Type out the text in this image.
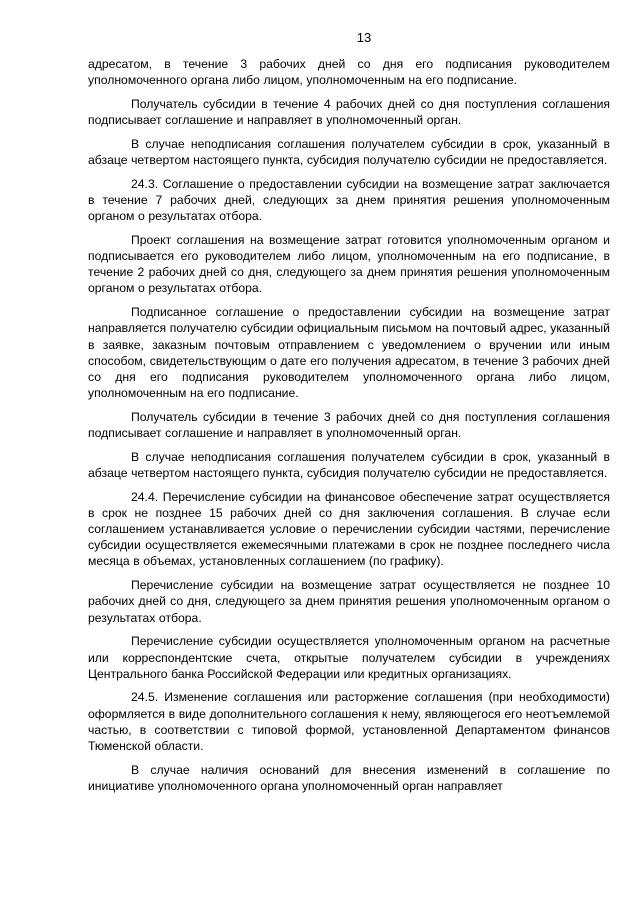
13

адресатом, в течение 3 рабочих дней со дня его подписания руководителем уполномоченного органа либо лицом, уполномоченным на его подписание.

Получатель субсидии в течение 4 рабочих дней со дня поступления соглашения подписывает соглашение и направляет в уполномоченный орган.

В случае неподписания соглашения получателем субсидии в срок, указанный в абзаце четвертом настоящего пункта, субсидия получателю субсидии не предоставляется.

24.3. Соглашение о предоставлении субсидии на возмещение затрат заключается в течение 7 рабочих дней, следующих за днем принятия решения уполномоченным органом о результатах отбора.

Проект соглашения на возмещение затрат готовится уполномоченным органом и подписывается его руководителем либо лицом, уполномоченным на его подписание, в течение 2 рабочих дней со дня, следующего за днем принятия решения уполномоченным органом о результатах отбора.

Подписанное соглашение о предоставлении субсидии на возмещение затрат направляется получателю субсидии официальным письмом на почтовый адрес, указанный в заявке, заказным почтовым отправлением с уведомлением о вручении или иным способом, свидетельствующим о дате его получения адресатом, в течение 3 рабочих дней со дня его подписания руководителем уполномоченного органа либо лицом, уполномоченным на его подписание.

Получатель субсидии в течение 3 рабочих дней со дня поступления соглашения подписывает соглашение и направляет в уполномоченный орган.

В случае неподписания соглашения получателем субсидии в срок, указанный в абзаце четвертом настоящего пункта, субсидия получателю субсидии не предоставляется.

24.4. Перечисление субсидии на финансовое обеспечение затрат осуществляется в срок не позднее 15 рабочих дней со дня заключения соглашения. В случае если соглашением устанавливается условие о перечислении субсидии частями, перечисление субсидии осуществляется ежемесячными платежами в срок не позднее последнего числа месяца в объемах, установленных соглашением (по графику).

Перечисление субсидии на возмещение затрат осуществляется не позднее 10 рабочих дней со дня, следующего за днем принятия решения уполномоченным органом о результатах отбора.

Перечисление субсидии осуществляется уполномоченным органом на расчетные или корреспондентские счета, открытые получателем субсидии в учреждениях Центрального банка Российской Федерации или кредитных организациях.

24.5. Изменение соглашения или расторжение соглашения (при необходимости) оформляется в виде дополнительного соглашения к нему, являющегося его неотъемлемой частью, в соответствии с типовой формой, установленной Департаментом финансов Тюменской области.

В случае наличия оснований для внесения изменений в соглашение по инициативе уполномоченного органа уполномоченный орган направляет
